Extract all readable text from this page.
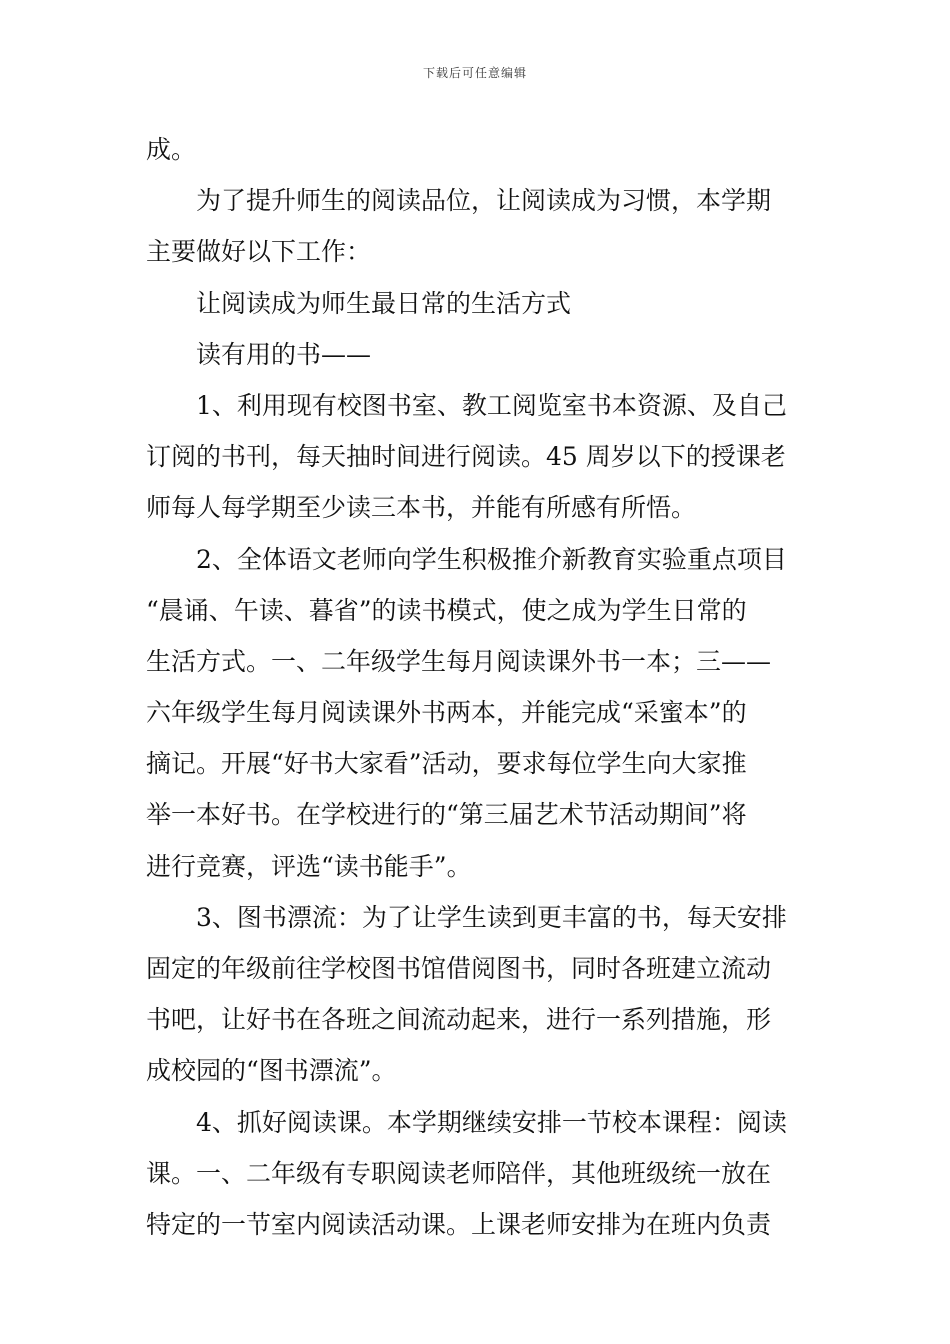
下载后可任意编辑
成。
为了提升师生的阅读品位，让阅读成为习惯，本学期
主要做好以下工作：
让阅读成为师生最日常的生活方式
读有用的书——
1、利用现有校图书室、教工阅览室书本资源、及自己
订阅的书刊，每天抽时间进行阅读。45 周岁以下的授课老
师每人每学期至少读三本书，并能有所感有所悟。
2、全体语文老师向学生积极推介新教育实验重点项目
“晨诵、午读、暮省”的读书模式，使之成为学生日常的
生活方式。一、二年级学生每月阅读课外书一本；三——
六年级学生每月阅读课外书两本，并能完成“采蜜本”的
摘记。开展“好书大家看”活动，要求每位学生向大家推
举一本好书。在学校进行的“第三届艺术节活动期间”将
进行竞赛，评选“读书能手”。
3、图书漂流：为了让学生读到更丰富的书，每天安排
固定的年级前往学校图书馆借阅图书，同时各班建立流动
书吧，让好书在各班之间流动起来，进行一系列措施，形
成校园的“图书漂流”。
4、抓好阅读课。本学期继续安排一节校本课程：阅读
课。一、二年级有专职阅读老师陪伴，其他班级统一放在
特定的一节室内阅读活动课。上课老师安排为在班内负责
